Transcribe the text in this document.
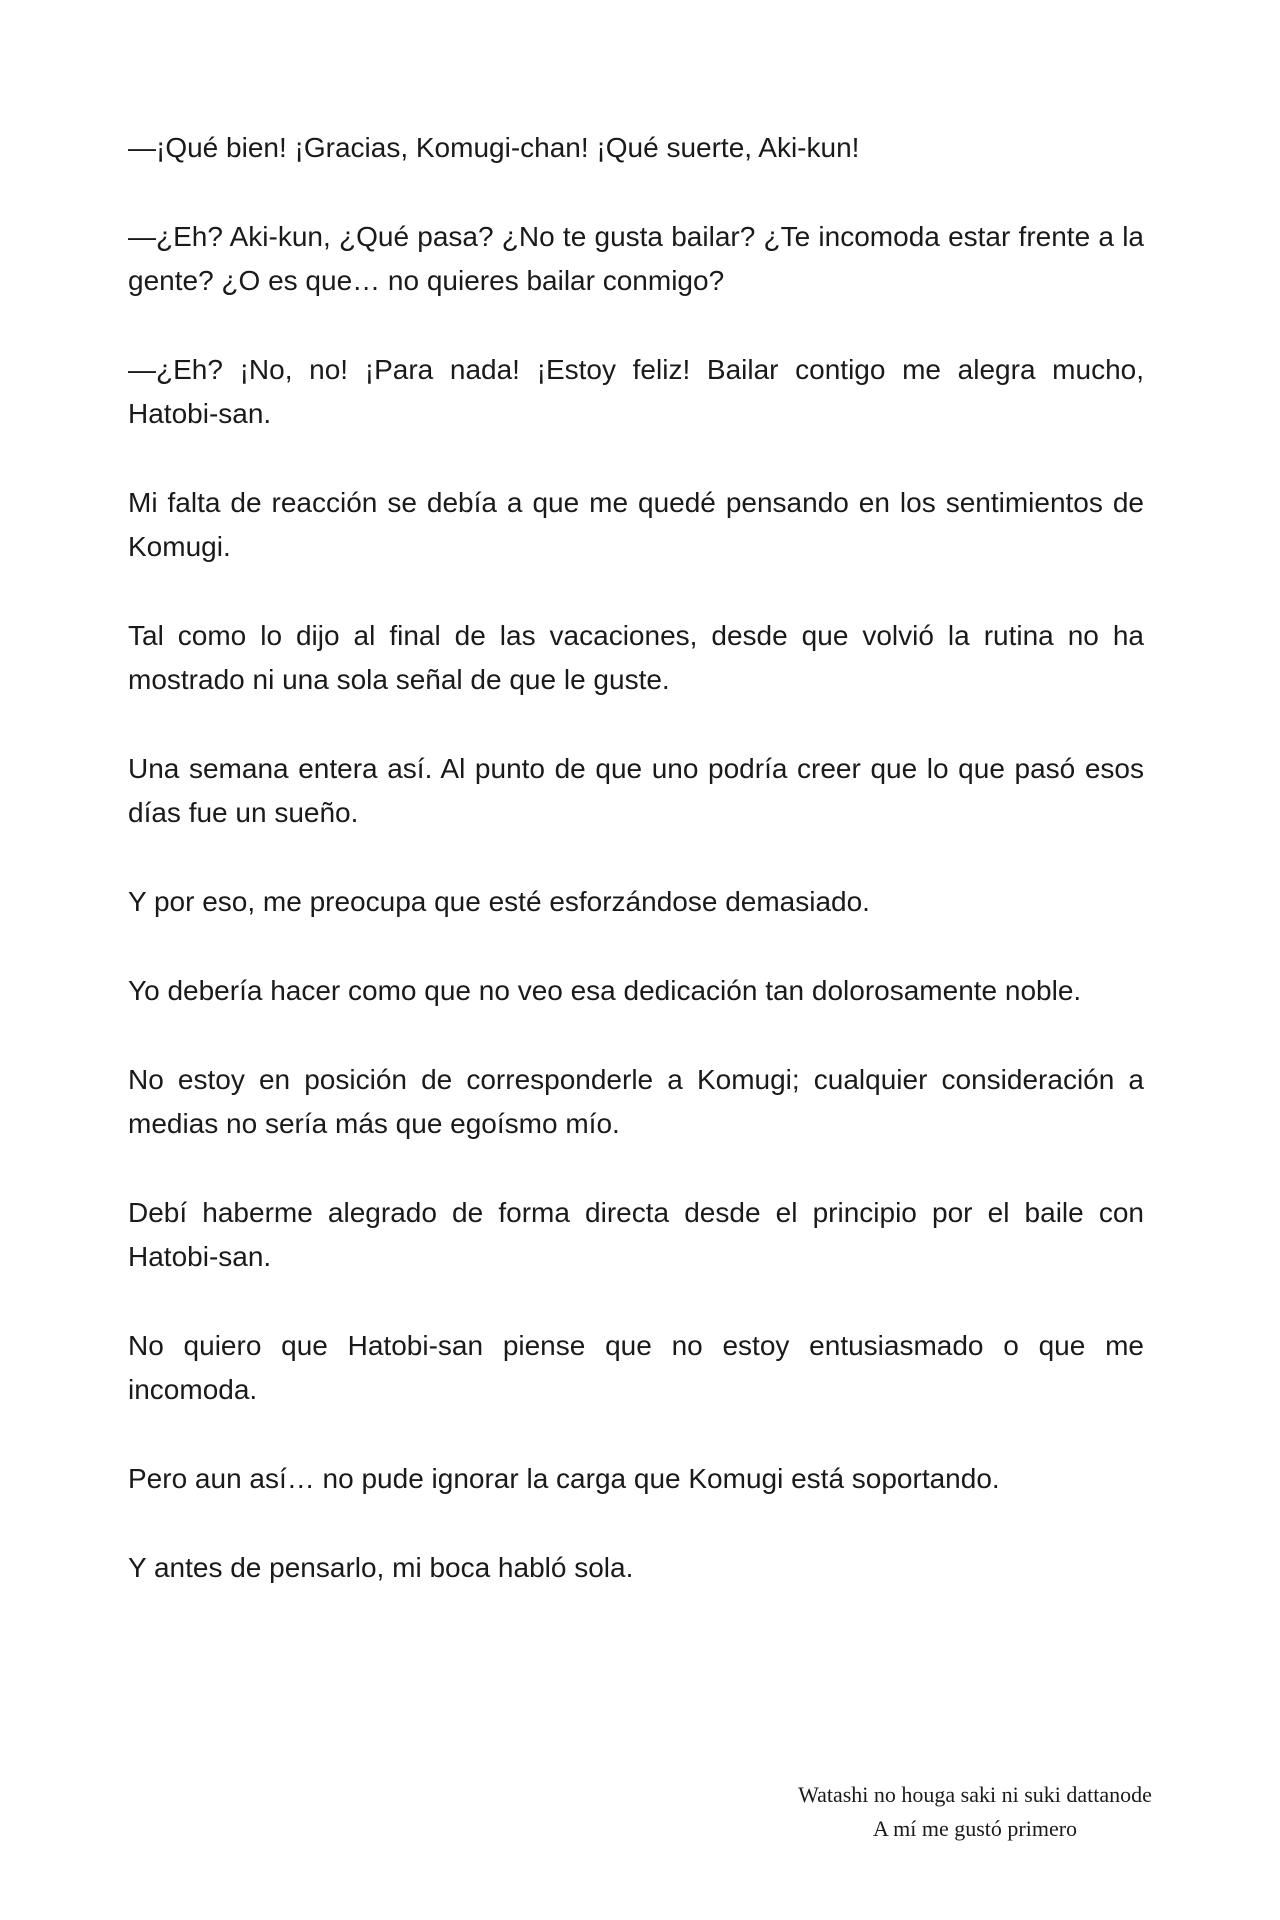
—¡Qué bien! ¡Gracias, Komugi-chan! ¡Qué suerte, Aki-kun!

—¿Eh? Aki-kun, ¿Qué pasa? ¿No te gusta bailar? ¿Te incomoda estar frente a la gente? ¿O es que… no quieres bailar conmigo?

—¿Eh? ¡No, no! ¡Para nada! ¡Estoy feliz! Bailar contigo me alegra mucho, Hatobi-san.

Mi falta de reacción se debía a que me quedé pensando en los sentimientos de Komugi.

Tal como lo dijo al final de las vacaciones, desde que volvió la rutina no ha mostrado ni una sola señal de que le guste.

Una semana entera así. Al punto de que uno podría creer que lo que pasó esos días fue un sueño.

Y por eso, me preocupa que esté esforzándose demasiado.

Yo debería hacer como que no veo esa dedicación tan dolorosamente noble.

No estoy en posición de corresponderle a Komugi; cualquier consideración a medias no sería más que egoísmo mío.

Debí haberme alegrado de forma directa desde el principio por el baile con Hatobi-san.

No quiero que Hatobi-san piense que no estoy entusiasmado o que me incomoda.

Pero aun así… no pude ignorar la carga que Komugi está soportando.

Y antes de pensarlo, mi boca habló sola.

Watashi no houga saki ni suki dattanode
A mí me gustó primero
